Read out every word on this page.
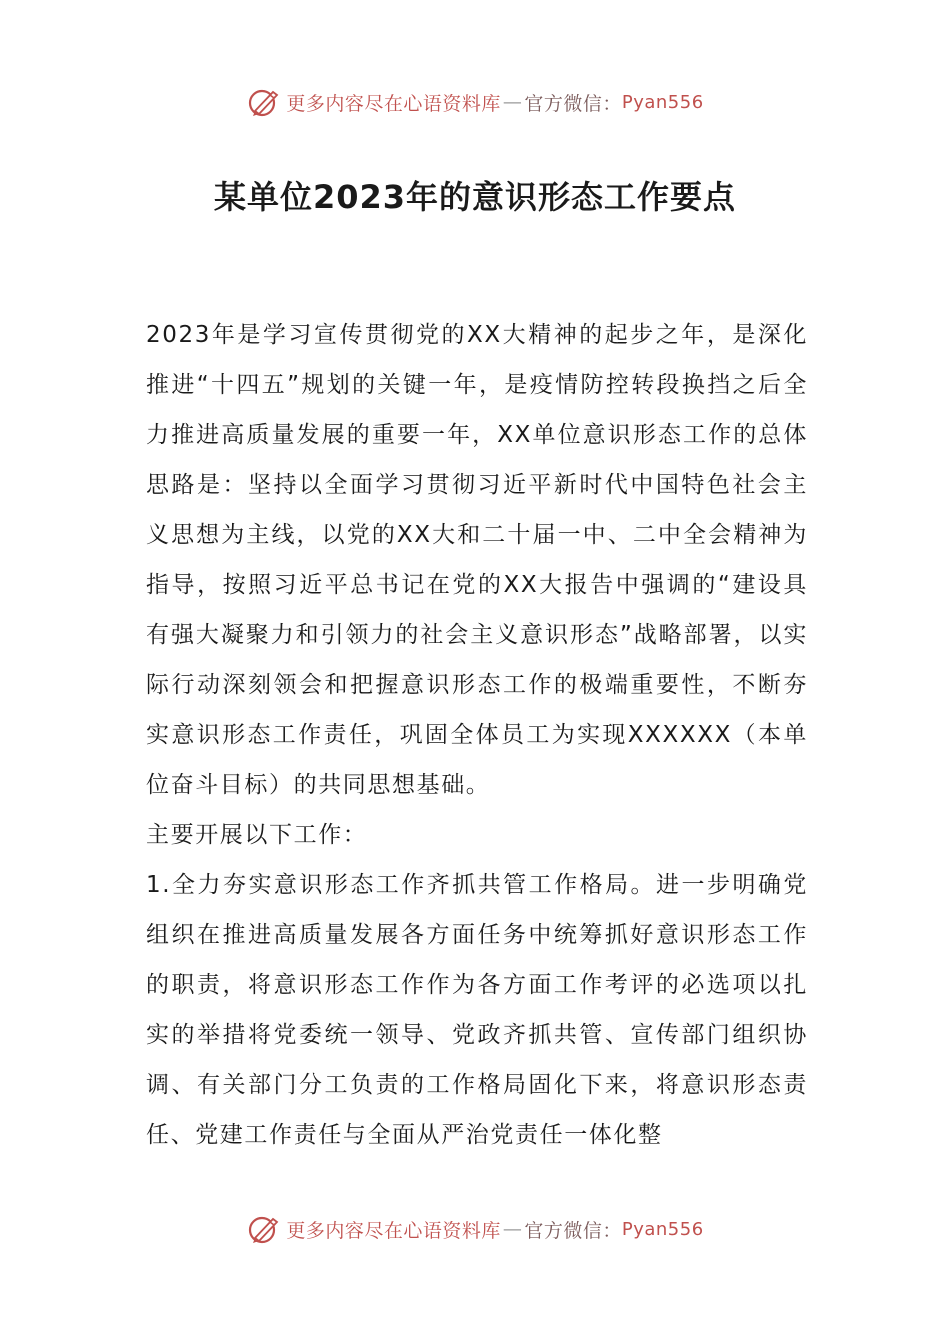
更多内容尽在心语资料库 — 官方微信： Pyan556
某单位2023年的意识形态工作要点

2023年是学习宣传贯彻党的XX大精神的起步之年，是深化推进“十四五”规划的关键一年，是疫情防控转段换挡之后全力推进高质量发展的重要一年，XX单位意识形态工作的总体思路是：坚持以全面学习贯彻习近平新时代中国特色社会主义思想为主线，以党的XX大和二十届一中、二中全会精神为指导，按照习近平总书记在党的XX大报告中强调的“建设具有强大凝聚力和引领力的社会主义意识形态”战略部署，以实际行动深刻领会和把握意识形态工作的极端重要性，不断夯实意识形态工作责任，巩固全体员工为实现XXXXXX（本单位奋斗目标）的共同思想基础。

主要开展以下工作：

1.全力夯实意识形态工作齐抓共管工作格局。进一步明确党组织在推进高质量发展各方面任务中统筹抓好意识形态工作的职责，将意识形态工作作为各方面工作考评的必选项以扎实的举措将党委统一领导、党政齐抓共管、宣传部门组织协调、有关部门分工负责的工作格局固化下来，将意识形态责任、党建工作责任与全面从严治党责任一体化整

更多内容尽在心语资料库 — 官方微信： Pyan556
